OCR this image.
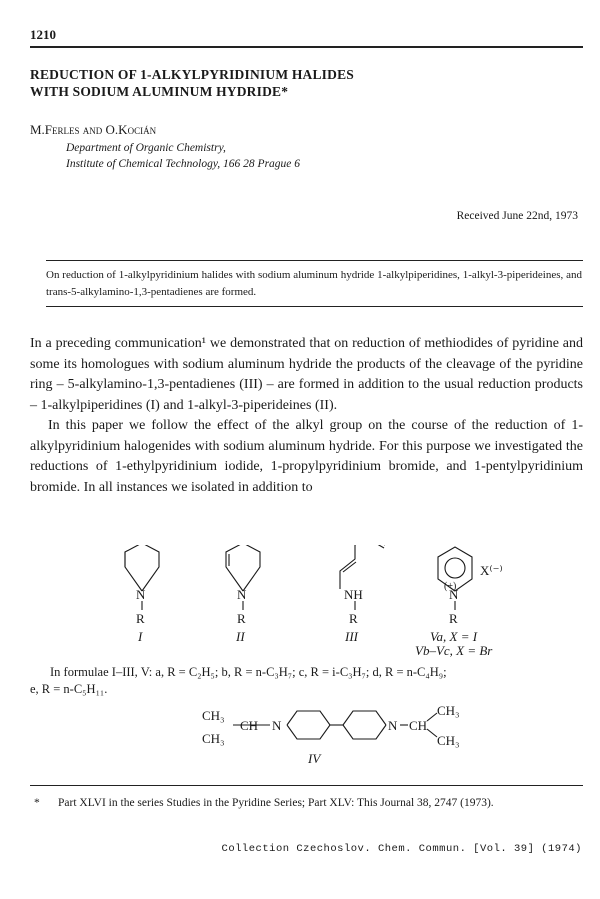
1210
REDUCTION OF 1-ALKYLPYRIDINIUM HALIDES
WITH SODIUM ALUMINUM HYDRIDE*
M.Ferles and O.Kocián
Department of Organic Chemistry,
Institute of Chemical Technology, 166 28 Prague 6
Received June 22nd, 1973
On reduction of 1-alkylpyridinium halides with sodium aluminum hydride 1-alkylpiperidines, 1-alkyl-3-piperideines, and trans-5-alkylamino-1,3-pentadienes are formed.

In a preceding communication¹ we demonstrated that on reduction of methiodides of pyridine and some its homologues with sodium aluminum hydride the products of the cleavage of the pyridine ring – 5-alkylamino-1,3-pentadienes (III) – are formed in addition to the usual reduction products – 1-alkylpiperidines (I) and 1-alkyl-3-piperideines (II).

In this paper we follow the effect of the alkyl group on the course of the reduction of 1-alkylpyridinium halogenides with sodium aluminum hydride. For this purpose we investigated the reductions of 1-ethylpyridinium iodide, 1-propylpyridinium bromide, and 1-pentylpyridinium bromide. In all instances we isolated in addition to

N
R
I
N
R
II
NH
R
III
N
(+)
X⁽⁻⁾
R
Va, X = I
Vb–Vc, X = Br
CH₃
CH₃
CH N	N CH
CH₃
CH₃
IV
In formulae I–III, V: a, R = C₂H₅; b, R = n-C₃H₇; c, R = i-C₃H₇; d, R = n-C₄H₉;
e, R = n-C₅H₁₁.
* Part XLVI in the series Studies in the Pyridine Series; Part XLV: This Journal 38, 2747 (1973).
Collection Czechoslov. Chem. Commun. [Vol. 39] (1974)
